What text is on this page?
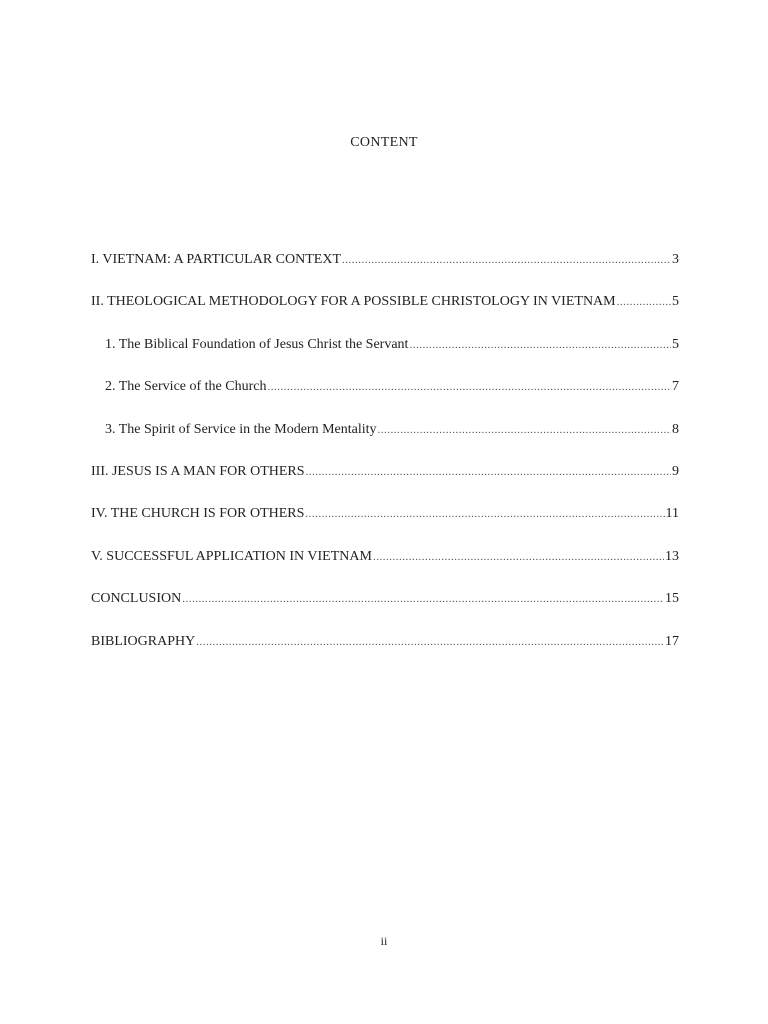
CONTENT
I. VIETNAM: A PARTICULAR CONTEXT .....	3
II. THEOLOGICAL METHODOLOGY FOR A POSSIBLE CHRISTOLOGY IN VIETNAM .....	5
1. The Biblical Foundation of Jesus Christ the Servant .....	5
2. The Service of the Church .....	7
3. The Spirit of Service in the Modern Mentality .....	8
III. JESUS IS A MAN FOR OTHERS .....	9
IV. THE CHURCH IS FOR OTHERS .....	11
V. SUCCESSFUL APPLICATION IN VIETNAM .....	13
CONCLUSION .....	15
BIBLIOGRAPHY .....	17
ii
